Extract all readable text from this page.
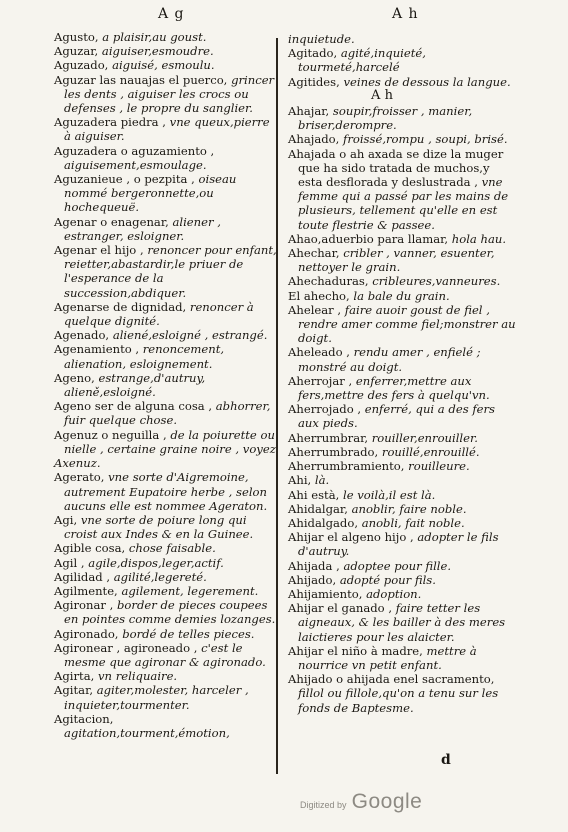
A g	A h
Agusto, a plaisir,au goust.
Aguzar, aiguiser,esmoudre.
Aguzado, aiguisé, esmoulu.
Aguzar las nauajas el puerco, grincer les dents , aiguiser les crocs ou defenses , le propre du sanglier.
Aguzadera piedra , vne queux,pierre à aiguiser.
Aguzadera o aguzamiento , aiguisement,esmoulage.
Aguzanieue , o pezpita , oiseau nommé bergeronnette,ou hochequeuë.
Agenar o enagenar, aliener , estranger, esloigner.
Agenar el hijo , renoncer pour enfant, reietter,abastardir,le priuer de l'esperance de la succession,abdiquer.
Agenarse de dignidad, renoncer à quelque dignité.
Agenado, aliené,esloigné , estrangé.
Agenamiento , renoncement, alienation, esloignement.
Ageno, estrange,d'autruy, alieně,esloigné.
Ageno ser de alguna cosa , abhorrer, fuir quelque chose.
Agenuz o neguilla , de la poiurette ou nielle , certaine graine noire , voyez
Axenuz.
Agerato, vne sorte d'Aigremoine, autrement Eupatoire herbe , selon aucuns elle est nommee Ageraton.
Agi, vne sorte de poiure long qui croist aux Indes & en la Guinee.
Agible cosa, chose faisable.
Agil , agile,dispos,leger,actif.
Agilidad , agilité,legereté.
Agilmente, agilement, legerement.
Agironar , border de pieces coupees en pointes comme demies lozanges.
Agironado, bordé de telles pieces.
Agironear , agironeado , c'est le mesme que agironar & agironado.
Agirta, vn reliquaire.
Agitar, agiter,molester, harceler , inquieter,tourmenter.
Agitacion, agitation,tourment,émotion,
inquietude.
Agitado, agité,inquieté, tourmeté,harcelé
Agitides, veines de dessous la langue.
A h
Ahajar, soupir,froisser , manier, briser,derompre.
Ahajado, froissé,rompu , soupi, brisé.
Ahajada o ah axada se dize la muger que ha sido tratada de muchos,y esta desflorada y deslustrada , vne femme qui a passé par les mains de plusieurs, tellement qu'elle en est toute flestrie & passee.
Ahao,aduerbio para llamar, hola hau.
Ahechar, cribler , vanner, esuenter, nettoyer le grain.
Ahechaduras, cribleures,vanneures.
El ahecho, la bale du grain.
Ahelear , faire auoir goust de fiel , rendre amer comme fiel;monstrer au doigt.
Aheleado , rendu amer , enfielé ; monstré au doigt.
Aherrojar , enferrer,mettre aux fers,mettre des fers à quelqu'vn.
Aherrojado , enferré, qui a des fers aux pieds.
Aherrumbrar, rouiller,enrouiller.
Aherrumbrado, rouillé,enrouillé.
Aherrumbramiento, rouilleure.
Ahi, là.
Ahi està, le voilà,il est là.
Ahidalgar, anoblir, faire noble.
Ahidalgado, anobli, fait noble.
Ahijar el algeno hijo , adopter le fils d'autruy.
Ahijada , adoptee pour fille.
Ahijado, adopté pour fils.
Ahijamiento, adoption.
Ahijar el ganado , faire tetter les aigneaux, & les bailler à des meres laictieres pour les alaicter.
Ahijar el niño à madre, mettre à nourrice vn petit enfant.
Ahijado o ahijada enel sacramento, fillol ou fillole,qu'on a tenu sur les fonds de Baptesme.
d
Digitized by Google
